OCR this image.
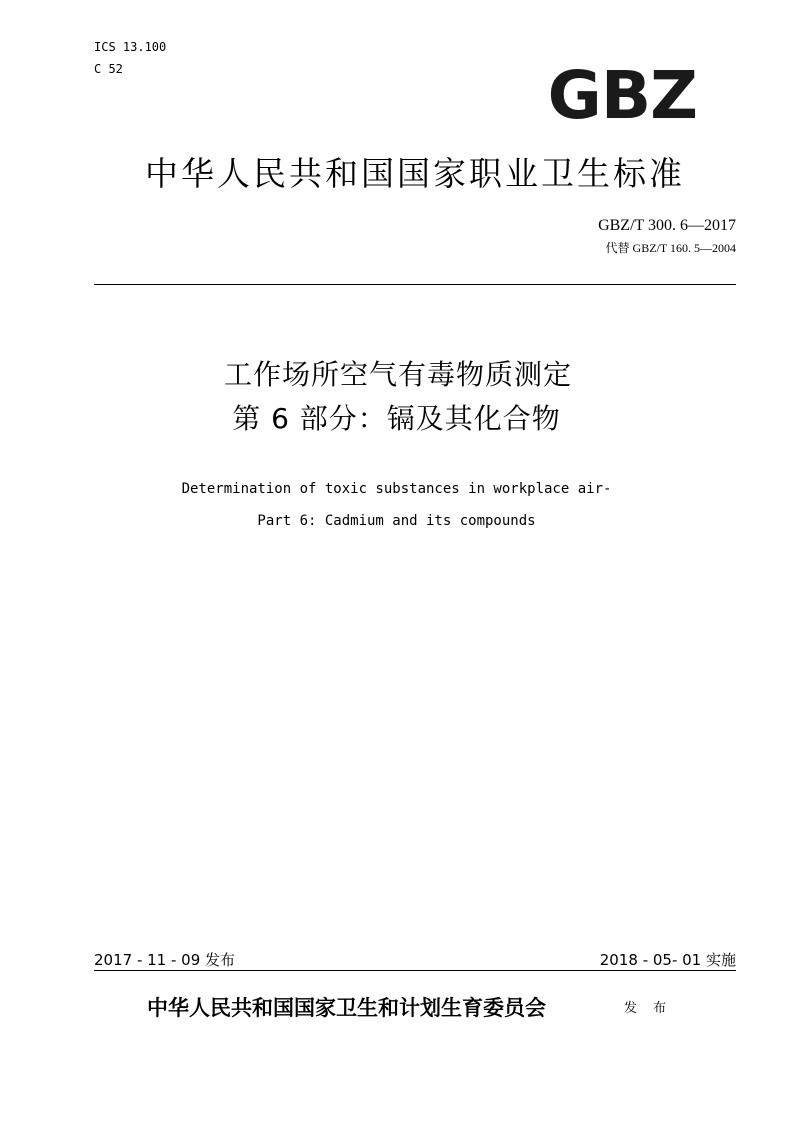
ICS 13.100
C 52	GBZ
中华人民共和国国家职业卫生标准
GBZ/T 300. 6—2017
代替 GBZ/T 160. 5—2004
工作场所空气有毒物质测定
第 6 部分：镉及其化合物
Determination of toxic substances in workplace air-
Part 6: Cadmium and its compounds
2017 - 11 - 09 发布	2018 - 05- 01 实施
中华人民共和国国家卫生和计划生育委员会	发 布
